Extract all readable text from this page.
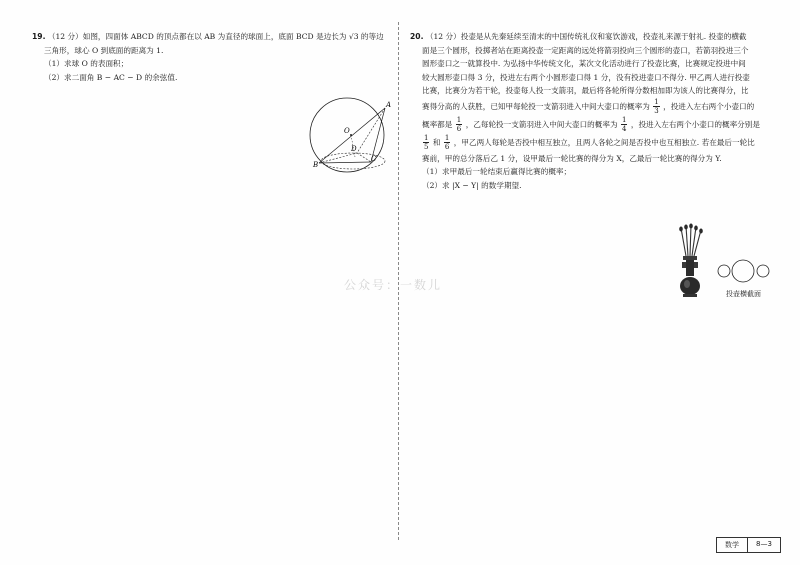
19. （12 分）如图，四面体 ABCD 的顶点都在以 AB 为直径的球面上，底面 BCD 是边长为 √3 的等边
三角形，球心 O 到底面的距离为 1.
（1）求球 O 的表面积；
（2）求二面角 B − AC − D 的余弦值.
A
O
B
C
D
20. （12 分）投壶是从先秦延续至清末的中国传统礼仪和宴饮游戏，投壶礼来源于射礼. 投壶的横截
面是三个圆形，投掷者站在距离投壶一定距离的远处将箭羽投向三个圆形的壶口，若箭羽投进三个
圆形壶口之一就算投中. 为弘扬中华传统文化，某次文化活动进行了投壶比赛，比赛规定投进中间
较大圆形壶口得 3 分，投进左右两个小圆形壶口得 1 分，没有投进壶口不得分. 甲乙两人进行投壶
比赛，比赛分为若干轮，投壶每人投一支箭羽，最后将各轮所得分数相加即为该人的比赛得分，比
赛得分高的人获胜，已知甲每轮投一支箭羽进入中间大壶口的概率为 $\frac{1}{3}$ ，投进入左右两个小壶口的
概率都是 $\frac{1}{6}$ ，乙每轮投一支箭羽进入中间大壶口的概率为 $\frac{1}{4}$ ，投进入左右两个小壶口的概率分别是
$\frac{1}{5}$ 和 $\frac{1}{6}$ ，甲乙两人每轮是否投中相互独立，且两人各轮之间是否投中也互相独立. 若在最后一轮比
赛前，甲的总分落后乙 1 分，设甲最后一轮比赛的得分为 X，乙最后一轮比赛的得分为 Y.
（1）求甲最后一轮结束后赢得比赛的概率；
（2）求 |X − Y| 的数学期望.
投壶横截面
公众号：一数儿
数学	8—3
